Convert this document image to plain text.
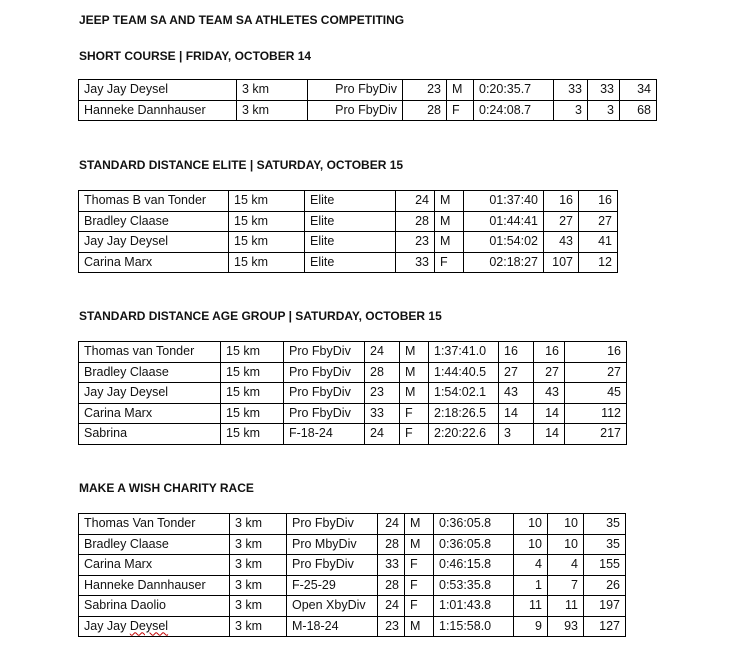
JEEP TEAM SA AND TEAM SA ATHLETES COMPETITING
SHORT COURSE | FRIDAY, OCTOBER 14
Jay Jay Deysel	3 km	Pro FbyDiv	23	M	0:20:35.7	33	33	34
Hanneke Dannhauser	3 km	Pro FbyDiv	28	F	0:24:08.7	3	3	68
STANDARD DISTANCE ELITE | SATURDAY, OCTOBER 15
Thomas B van Tonder	15 km	Elite	24	M	01:37:40	16	16
Bradley Claase	15 km	Elite	28	M	01:44:41	27	27
Jay Jay Deysel	15 km	Elite	23	M	01:54:02	43	41
Carina Marx	15 km	Elite	33	F	02:18:27	107	12
STANDARD DISTANCE AGE GROUP | SATURDAY, OCTOBER 15
Thomas van Tonder	15 km	Pro FbyDiv	24	M	1:37:41.0	16	16	16
Bradley Claase	15 km	Pro FbyDiv	28	M	1:44:40.5	27	27	27
Jay Jay Deysel	15 km	Pro FbyDiv	23	M	1:54:02.1	43	43	45
Carina Marx	15 km	Pro FbyDiv	33	F	2:18:26.5	14	14	112
Sabrina	15 km	F-18-24	24	F	2:20:22.6	3	14	217
MAKE A WISH CHARITY RACE
Thomas Van Tonder	3 km	Pro FbyDiv	24	M	0:36:05.8	10	10	35
Bradley Claase	3 km	Pro MbyDiv	28	M	0:36:05.8	10	10	35
Carina Marx	3 km	Pro FbyDiv	33	F	0:46:15.8	4	4	155
Hanneke Dannhauser	3 km	F-25-29	28	F	0:53:35.8	1	7	26
Sabrina Daolio	3 km	Open XbyDiv	24	F	1:01:43.8	11	11	197
Jay Jay Deysel	3 km	M-18-24	23	M	1:15:58.0	9	93	127
